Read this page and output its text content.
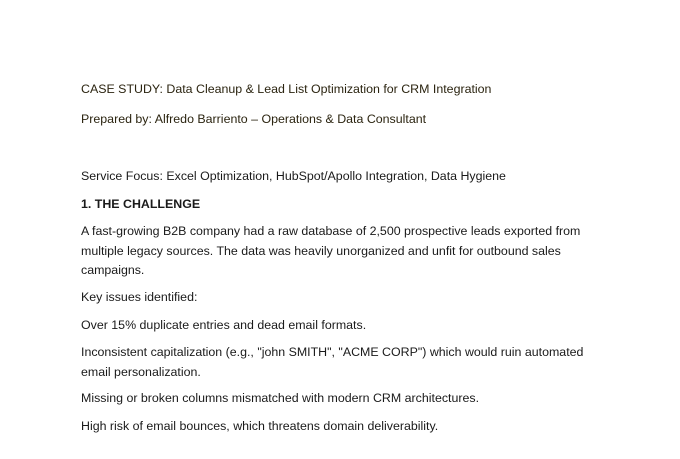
CASE STUDY: Data Cleanup & Lead List Optimization for CRM Integration
Prepared by: Alfredo Barriento – Operations & Data Consultant
Service Focus: Excel Optimization, HubSpot/Apollo Integration, Data Hygiene
1. THE CHALLENGE
A fast-growing B2B company had a raw database of 2,500 prospective leads exported from
multiple legacy sources. The data was heavily unorganized and unfit for outbound sales
campaigns.
Key issues identified:
Over 15% duplicate entries and dead email formats.
Inconsistent capitalization (e.g., "john SMITH", "ACME CORP") which would ruin automated
email personalization.
Missing or broken columns mismatched with modern CRM architectures.
High risk of email bounces, which threatens domain deliverability.
